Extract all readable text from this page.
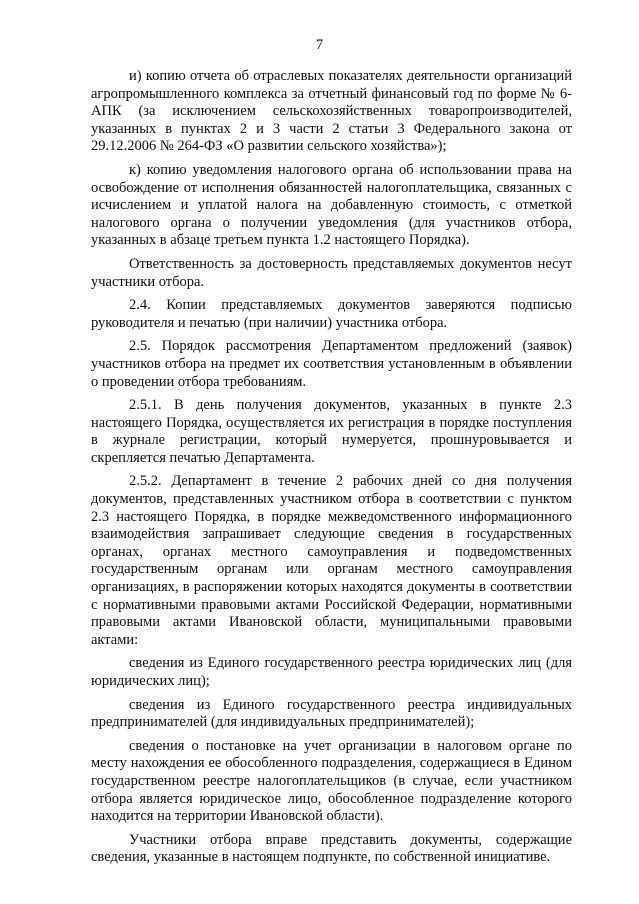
7

и) копию отчета об отраслевых показателях деятельности организаций агропромышленного комплекса за отчетный финансовый год по форме № 6-АПК (за исключением сельскохозяйственных товаропроизводителей, указанных в пунктах 2 и 3 части 2 статьи 3 Федерального закона от 29.12.2006 № 264-ФЗ «О развитии сельского хозяйства»);

к) копию уведомления налогового органа об использовании права на освобождение от исполнения обязанностей налогоплательщика, связанных с исчислением и уплатой налога на добавленную стоимость, с отметкой налогового органа о получении уведомления (для участников отбора, указанных в абзаце третьем пункта 1.2 настоящего Порядка).

Ответственность за достоверность представляемых документов несут участники отбора.

2.4. Копии представляемых документов заверяются подписью руководителя и печатью (при наличии) участника отбора.

2.5. Порядок рассмотрения Департаментом предложений (заявок) участников отбора на предмет их соответствия установленным в объявлении о проведении отбора требованиям.

2.5.1. В день получения документов, указанных в пункте 2.3 настоящего Порядка, осуществляется их регистрация в порядке поступления в журнале регистрации, который нумеруется, прошнуровывается и скрепляется печатью Департамента.

2.5.2. Департамент в течение 2 рабочих дней со дня получения документов, представленных участником отбора в соответствии с пунктом 2.3 настоящего Порядка, в порядке межведомственного информационного взаимодействия запрашивает следующие сведения в государственных органах, органах местного самоуправления и подведомственных государственным органам или органам местного самоуправления организациях, в распоряжении которых находятся документы в соответствии с нормативными правовыми актами Российской Федерации, нормативными правовыми актами Ивановской области, муниципальными правовыми актами:

сведения из Единого государственного реестра юридических лиц (для юридических лиц);

сведения из Единого государственного реестра индивидуальных предпринимателей (для индивидуальных предпринимателей);

сведения о постановке на учет организации в налоговом органе по месту нахождения ее обособленного подразделения, содержащиеся в Едином государственном реестре налогоплательщиков (в случае, если участником отбора является юридическое лицо, обособленное подразделение которого находится на территории Ивановской области).

Участники отбора вправе представить документы, содержащие сведения, указанные в настоящем подпункте, по собственной инициативе.
